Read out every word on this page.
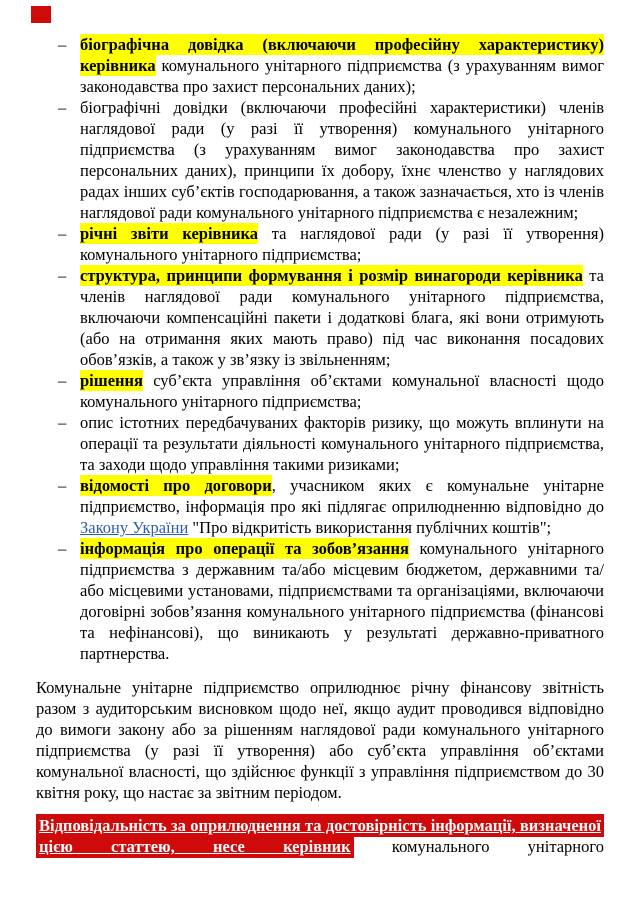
– біографічна довідка (включаючи професійну характеристику) керівника комунального унітарного підприємства (з урахуванням вимог законодавства про захист персональних даних);
– біографічні довідки (включаючи професійні характеристики) членів наглядової ради (у разі її утворення) комунального унітарного підприємства (з урахуванням вимог законодавства про захист персональних даних), принципи їх добору, їхнє членство у наглядових радах інших суб’єктів господарювання, а також зазначається, хто із членів наглядової ради комунального унітарного підприємства є незалежним;
– річні звіти керівника та наглядової ради (у разі її утворення) комунального унітарного підприємства;
– структура, принципи формування і розмір винагороди керівника та членів наглядової ради комунального унітарного підприємства, включаючи компенсаційні пакети і додаткові блага, які вони отримують (або на отримання яких мають право) під час виконання посадових обов’язків, а також у зв’язку із звільненням;
– рішення суб’єкта управління об’єктами комунальної власності щодо комунального унітарного підприємства;
– опис істотних передбачуваних факторів ризику, що можуть вплинути на операції та результати діяльності комунального унітарного підприємства, та заходи щодо управління такими ризиками;
– відомості про договори, учасником яких є комунальне унітарне підприємство, інформація про які підлягає оприлюдненню відповідно до Закону України "Про відкритість використання публічних коштів";
– інформація про операції та зобов’язання комунального унітарного підприємства з державним та/або місцевим бюджетом, державними та/або місцевими установами, підприємствами та організаціями, включаючи договірні зобов’язання комунального унітарного підприємства (фінансові та нефінансові), що виникають у результаті державно-приватного партнерства.

Комунальне унітарне підприємство оприлюднює річну фінансову звітність разом з аудиторським висновком щодо неї, якщо аудит проводився відповідно до вимоги закону або за рішенням наглядової ради комунального унітарного підприємства (у разі її утворення) або суб’єкта управління об’єктами комунальної власності, що здійснює функції з управління підприємством до 30 квітня року, що настає за звітним періодом.

Відповідальність за оприлюднення та достовірність інформації, визначеної цією статтею, несе керівник комунального унітарного
